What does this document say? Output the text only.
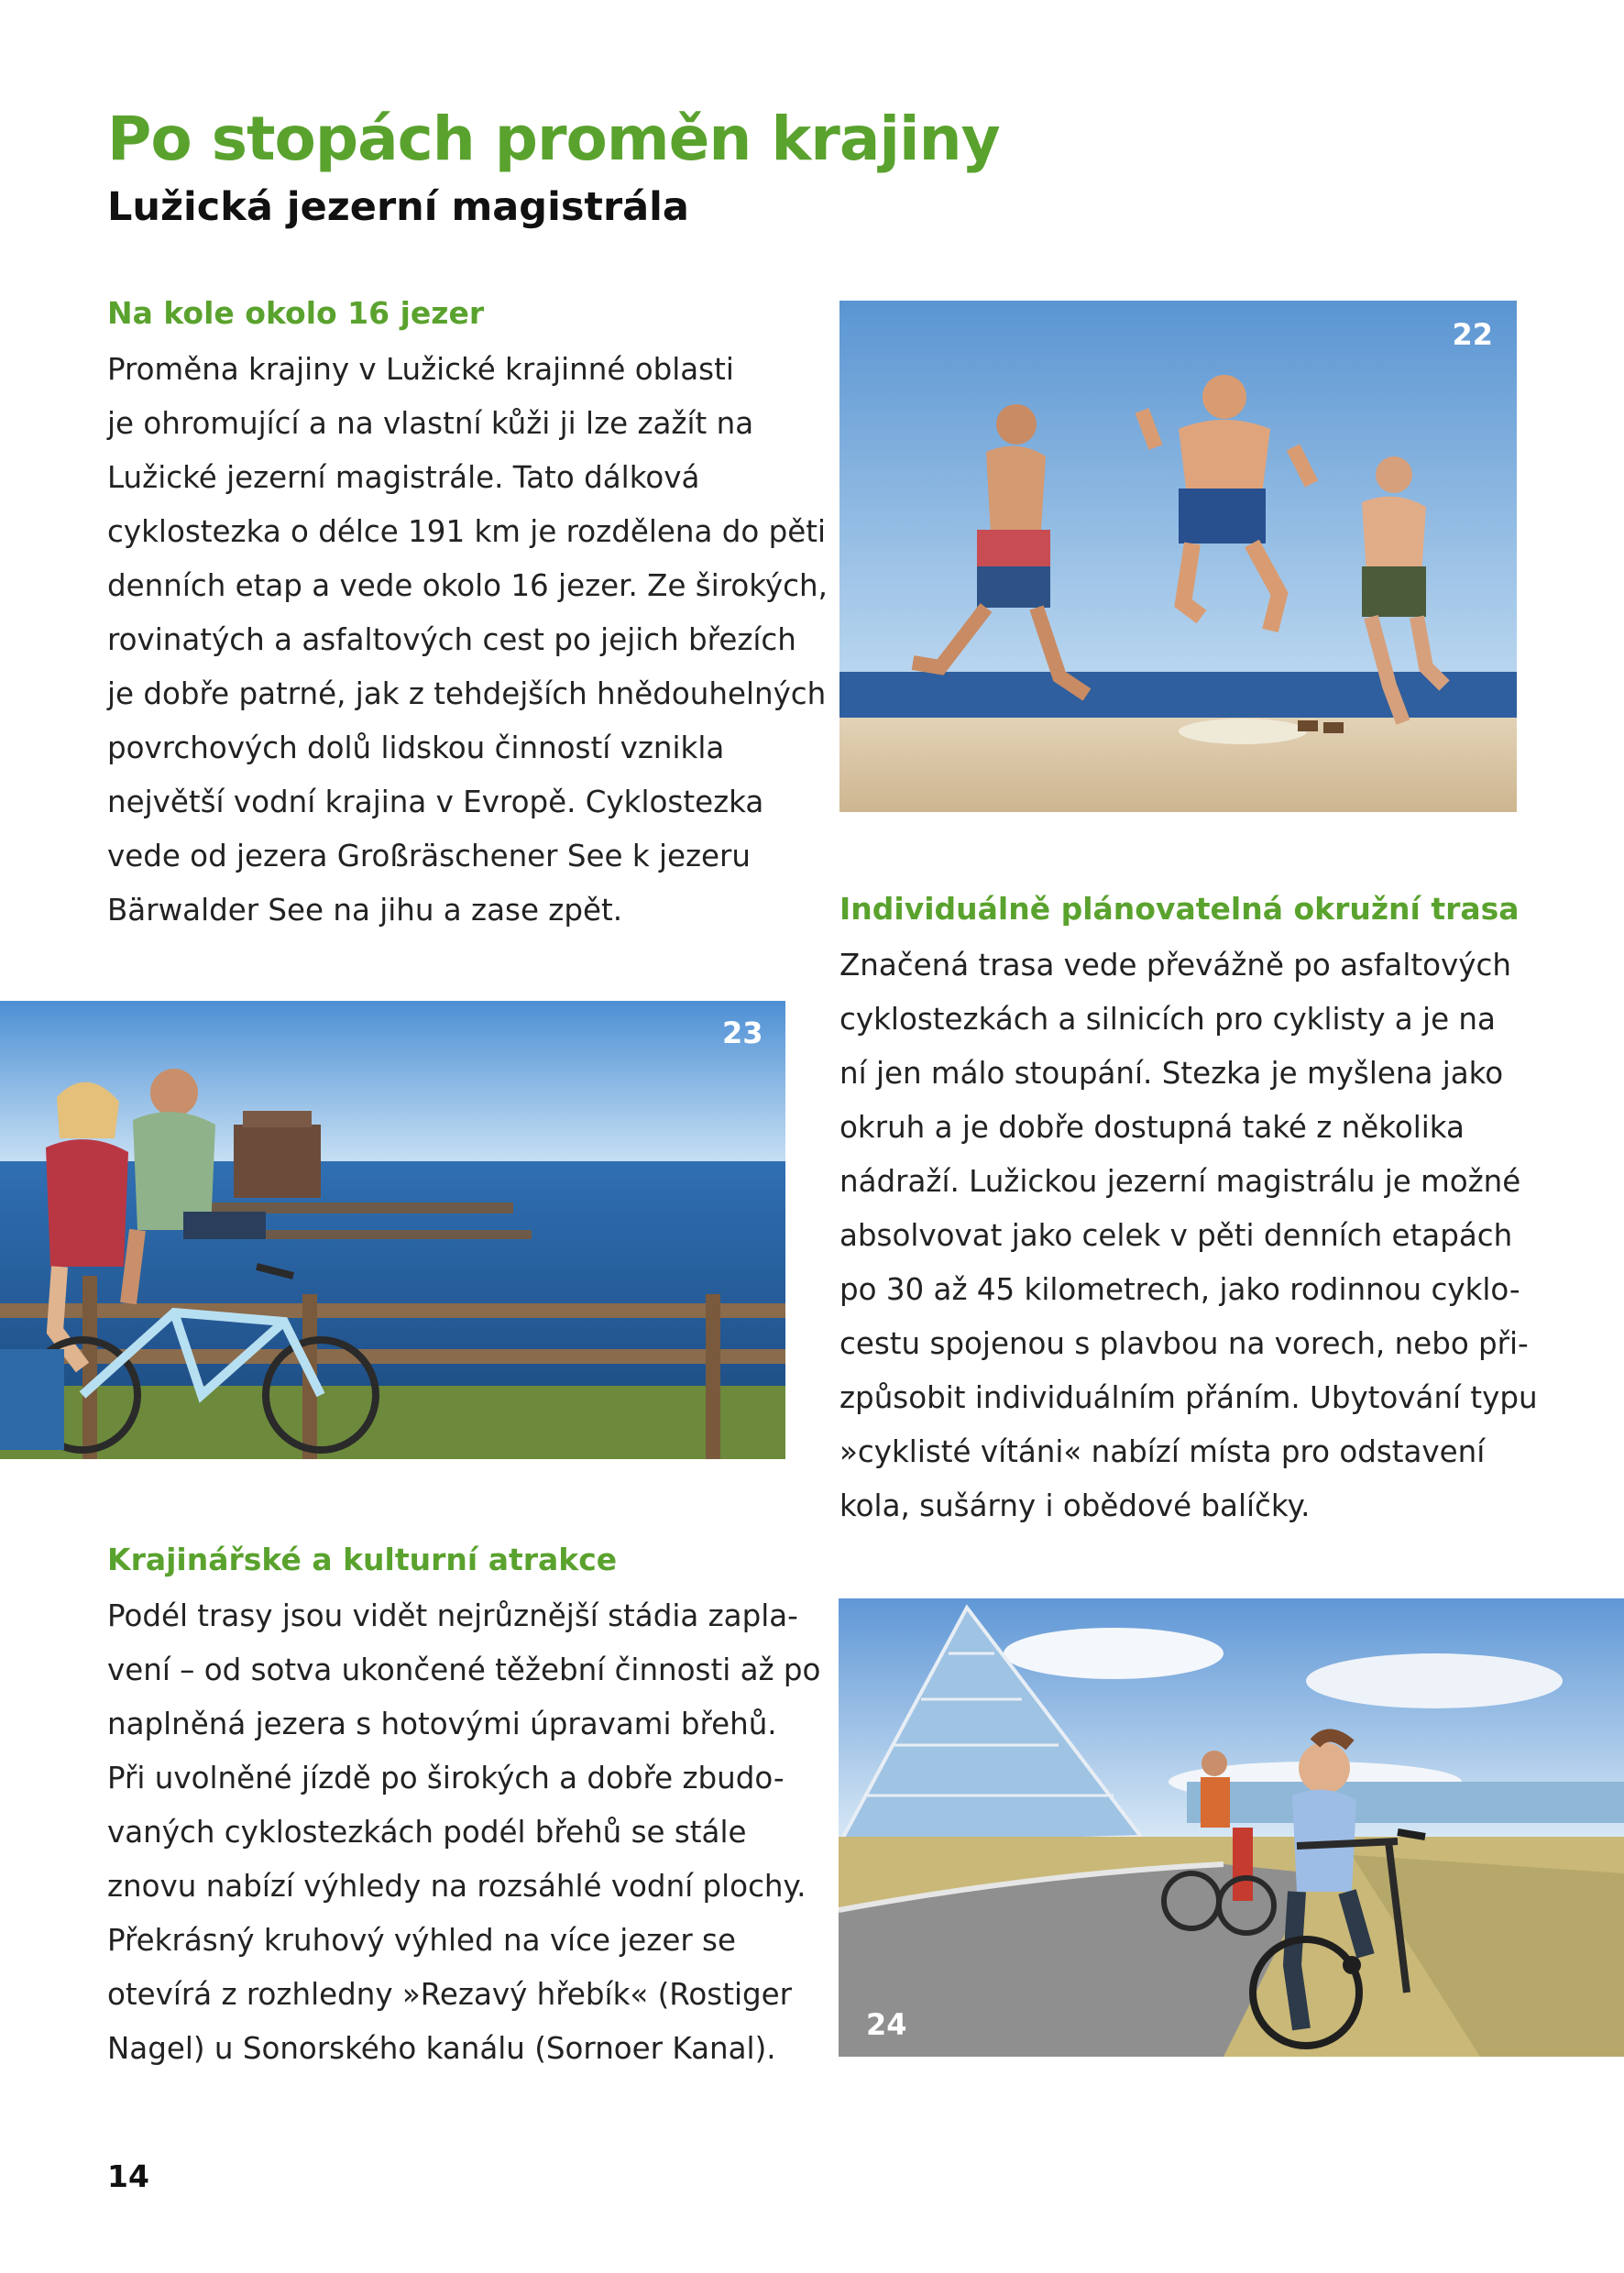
Po stopách proměn krajiny
Lužická jezerní magistrála
Na kole okolo 16 jezer

Proměna krajiny v Lužické krajinné oblasti
je ohromující a na vlastní kůži ji lze zažít na
Lužické jezerní magistrále. Tato dálková
cyklostezka o délce 191 km je rozdělena do pěti
denních etap a vede okolo 16 jezer. Ze širokých,
rovinatých a asfaltových cest po jejich březích
je dobře patrné, jak z tehdejších hnědouhelných
povrchových dolů lidskou činností vznikla
největší vodní krajina v Evropě. Cyklostezka
vede od jezera Großräschener See k jezeru
Bärwalder See na jihu a zase zpět.	Individuálně plánovatelná okružní trasa

Značená trasa vede převážně po asfaltových
cyklostezkách a silnicích pro cyklisty a je na
ní jen málo stoupání. Stezka je myšlena jako
okruh a je dobře dostupná také z několika
nádraží. Lužickou jezerní magistrálu je možné
absolvovat jako celek v pěti denních etapách
po 30 až 45 kilometrech, jako rodinnou cyklo-
cestu spojenou s plavbou na vorech, nebo při-
způsobit individuálním přáním. Ubytování typu
»cyklisté vítáni« nabízí místa pro odstavení
kola, sušárny i obědové balíčky.

Krajinářské a kulturní atrakce

Podél trasy jsou vidět nejrůznější stádia zapla-
vení – od sotva ukončené těžební činnosti až po
naplněná jezera s hotovými úpravami břehů.
Při uvolněné jízdě po širokých a dobře zbudo-
vaných cyklostezkách podél břehů se stále
znovu nabízí výhledy na rozsáhlé vodní plochy.
Překrásný kruhový výhled na více jezer se
otevírá z rozhledny »Rezavý hřebík« (Rostiger
Nagel) u Sonorského kanálu (Sornoer Kanal).

22
23
24
14
